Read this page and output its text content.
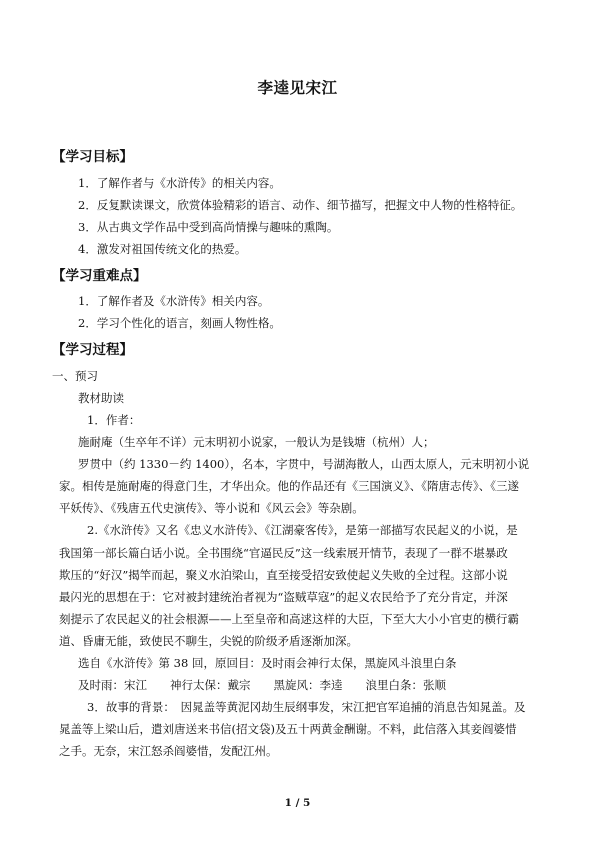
李逵见宋江
【学习目标】
1．了解作者与《水浒传》的相关内容。
2．反复默读课文，欣赏体验精彩的语言、动作、细节描写，把握文中人物的性格特征。
3．从古典文学作品中受到高尚情操与趣味的熏陶。
4．激发对祖国传统文化的热爱。
【学习重难点】
1．了解作者及《水浒传》相关内容。
2．学习个性化的语言，刻画人物性格。
【学习过程】
一、预习
教材助读
1．作者：
施耐庵（生卒年不详）元末明初小说家，一般认为是钱塘（杭州）人；
罗贯中（约 1330－约 1400），名本，字贯中，号湖海散人，山西太原人，元末明初小说
家。相传是施耐庵的得意门生，才华出众。他的作品还有《三国演义》、《隋唐志传》、《三遂
平妖传》、《残唐五代史演传》、等小说和《风云会》等杂剧。
2.《水浒传》又名《忠义水浒传》、《江湖豪客传》，是第一部描写农民起义的小说，是
我国第一部长篇白话小说。全书围绕“官逼民反”这一线索展开情节，表现了一群不堪暴政
欺压的“好汉”揭竿而起，聚义水泊梁山，直至接受招安致使起义失败的全过程。这部小说
最闪光的思想在于：它对被封建统治者视为“盗贼草寇”的起义农民给予了充分肯定，并深
刻提示了农民起义的社会根源——上至皇帝和高逑这样的大臣，下至大大小小官吏的横行霸
道、昏庸无能，致使民不聊生，尖锐的阶级矛盾逐渐加深。
选自《水浒传》第 38 回，原回目：及时雨会神行太保，黑旋风斗浪里白条
及时雨：宋江　　神行太保：戴宗　　黑旋风：李逵　　浪里白条：张顺
3．故事的背景：　因晁盖等黄泥冈劫生辰纲事发，宋江把官军追捕的消息告知晁盖。及
晁盖等上梁山后，遣刘唐送来书信(招文袋)及五十两黄金酬谢。不料，此信落入其妾阎婆惜
之手。无奈，宋江怒杀阎婆惜，发配江州。
1 / 5
